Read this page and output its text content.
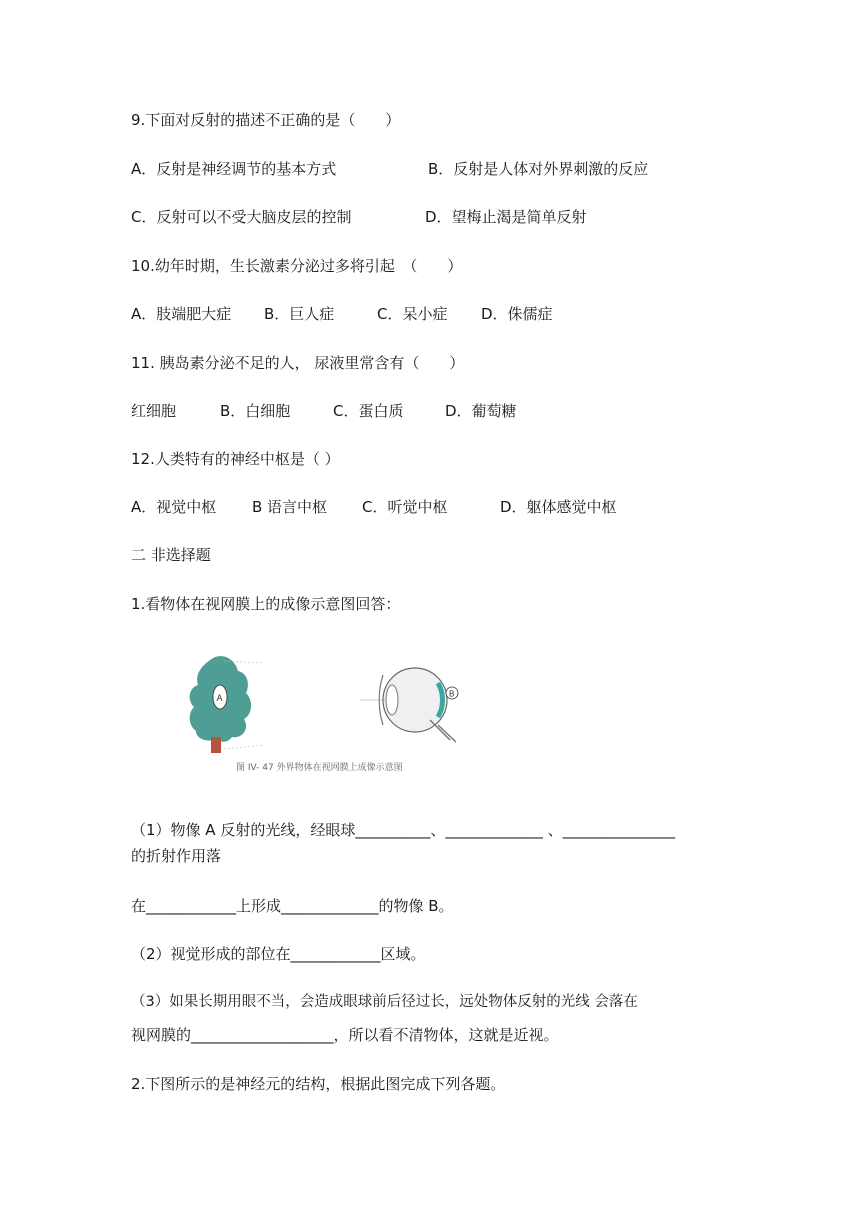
9.下面对反射的描述不正确的是（　　）
A．反射是神经调节的基本方式	B．反射是人体对外界刺激的反应
C．反射可以不受大脑皮层的控制	D．望梅止渴是简单反射
10.幼年时期，生长激素分泌过多将引起　（　　）
A．肢端肥大症 B．巨人症	C．呆小症 D．侏儒症
11. 胰岛素分泌不足的人， 尿液里常含有（　　）
红细胞	B．白细胞	C．蛋白质	D．葡萄糖
12.人类特有的神经中枢是（ ）
A．视觉中枢 B 语言中枢 C．听觉中枢	D．躯体感觉中枢
二 非选择题
1.看物体在视网膜上的成像示意图回答：
A	B
图 IV- 47 外界物体在视网膜上成像示意图
（1）物像 A 反射的光线，经眼球__________、_____________ 、_______________
的折射作用落
在____________上形成_____________的物像 B。
（2）视觉形成的部位在____________区域。
（3）如果长期用眼不当，会造成眼球前后径过长，远处物体反射的光线 会落在
视网膜的___________________，所以看不清物体，这就是近视。
2.下图所示的是神经元的结构，根据此图完成下列各题。
